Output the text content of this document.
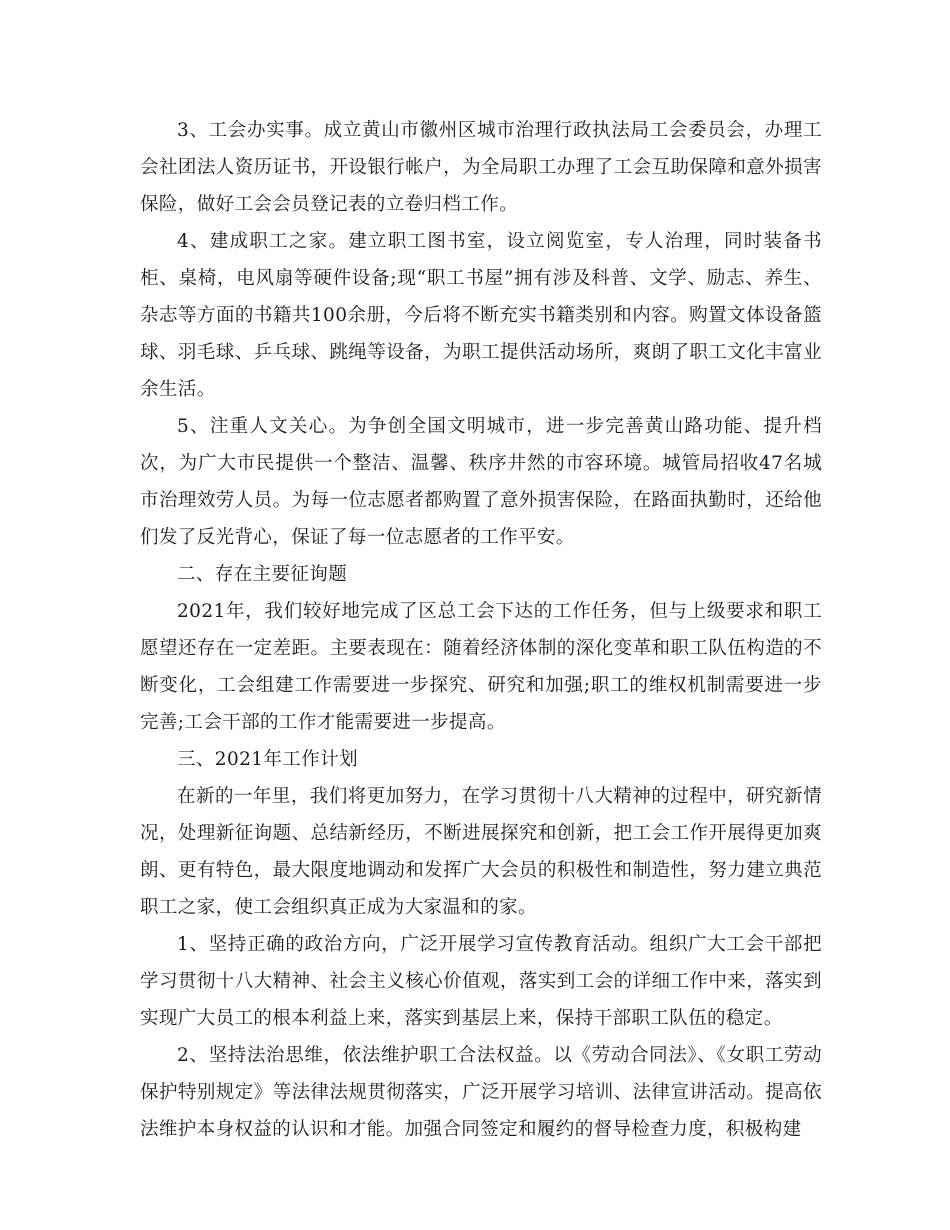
3、工会办实事。成立黄山市徽州区城市治理行政执法局工会委员会，办理工会社团法人资历证书，开设银行帐户，为全局职工办理了工会互助保障和意外损害保险，做好工会会员登记表的立卷归档工作。

4、建成职工之家。建立职工图书室，设立阅览室，专人治理，同时装备书柜、桌椅，电风扇等硬件设备;现“职工书屋”拥有涉及科普、文学、励志、养生、杂志等方面的书籍共100余册，今后将不断充实书籍类别和内容。购置文体设备篮球、羽毛球、乒乓球、跳绳等设备，为职工提供活动场所，爽朗了职工文化丰富业余生活。

5、注重人文关心。为争创全国文明城市，进一步完善黄山路功能、提升档次，为广大市民提供一个整洁、温馨、秩序井然的市容环境。城管局招收47名城市治理效劳人员。为每一位志愿者都购置了意外损害保险，在路面执勤时，还给他们发了反光背心，保证了每一位志愿者的工作平安。

二、存在主要征询题

2021年，我们较好地完成了区总工会下达的工作任务，但与上级要求和职工愿望还存在一定差距。主要表现在：随着经济体制的深化变革和职工队伍构造的不断变化，工会组建工作需要进一步探究、研究和加强;职工的维权机制需要进一步完善;工会干部的工作才能需要进一步提高。

三、2021年工作计划

在新的一年里，我们将更加努力，在学习贯彻十八大精神的过程中，研究新情况，处理新征询题、总结新经历，不断进展探究和创新，把工会工作开展得更加爽朗、更有特色，最大限度地调动和发挥广大会员的积极性和制造性，努力建立典范职工之家，使工会组织真正成为大家温和的家。

1、坚持正确的政治方向，广泛开展学习宣传教育活动。组织广大工会干部把学习贯彻十八大精神、社会主义核心价值观，落实到工会的详细工作中来，落实到实现广大员工的根本利益上来，落实到基层上来，保持干部职工队伍的稳定。

2、坚持法治思维，依法维护职工合法权益。以《劳动合同法》、《女职工劳动保护特别规定》等法律法规贯彻落实，广泛开展学习培训、法律宣讲活动。提高依法维护本身权益的认识和才能。加强合同签定和履约的督导检查力度，积极构建
